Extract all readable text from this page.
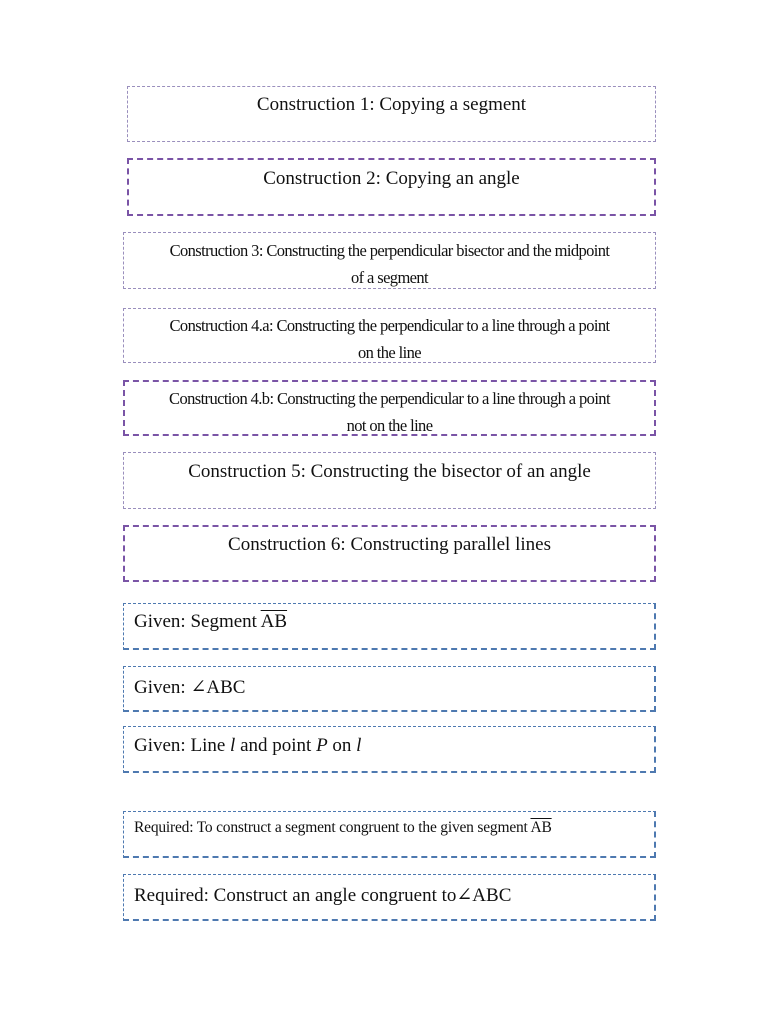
Construction 1: Copying a segment
Construction 2: Copying an angle
Construction 3: Constructing the perpendicular bisector and the midpoint
of a segment
Construction 4.a: Constructing the perpendicular to a line through a point
on the line
Construction 4.b: Constructing the perpendicular to a line through a point
not on the line
Construction 5: Constructing the bisector of an angle
Construction 6: Constructing parallel lines
Given: Segment $\overline{AB}$
Given: ∠ABC
Given: Line l and point P on l
Required: To construct a segment congruent to the given segment $\overline{AB}$
Required: Construct an angle congruent to∠ABC
